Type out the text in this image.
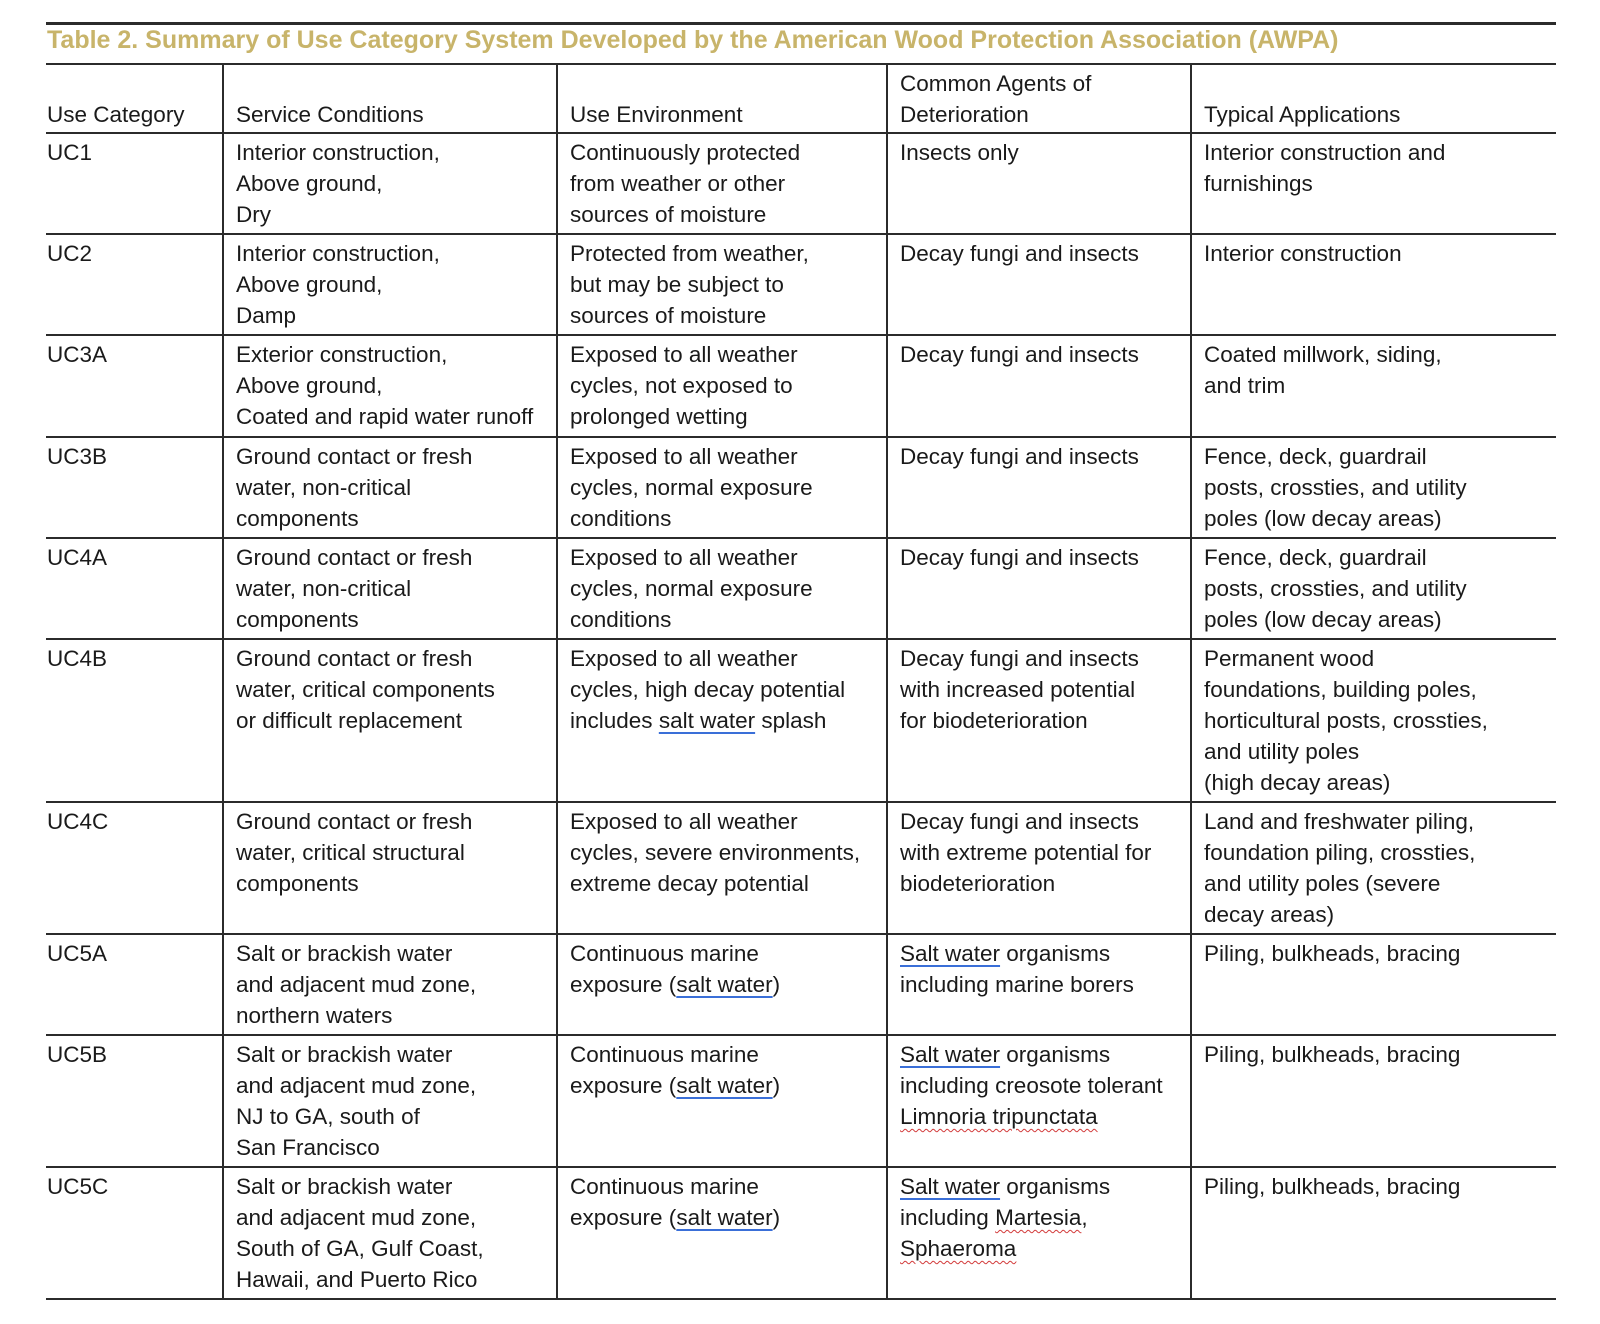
Table 2. Summary of Use Category System Developed by the American Wood Protection Association (AWPA)
Use Category	Service Conditions	Use Environment	Common Agents of
Deterioration	Typical Applications
UC1	Interior construction,
Above ground,
Dry	Continuously protected
from weather or other
sources of moisture	Insects only	Interior construction and
furnishings
UC2	Interior construction,
Above ground,
Damp	Protected from weather,
but may be subject to
sources of moisture	Decay fungi and insects	Interior construction
UC3A	Exterior construction,
Above ground,
Coated and rapid water runoff	Exposed to all weather
cycles, not exposed to
prolonged wetting	Decay fungi and insects	Coated millwork, siding,
and trim
UC3B	Ground contact or fresh
water, non-critical
components	Exposed to all weather
cycles, normal exposure
conditions	Decay fungi and insects	Fence, deck, guardrail
posts, crossties, and utility
poles (low decay areas)
UC4A	Ground contact or fresh
water, non-critical
components	Exposed to all weather
cycles, normal exposure
conditions	Decay fungi and insects	Fence, deck, guardrail
posts, crossties, and utility
poles (low decay areas)
UC4B	Ground contact or fresh
water, critical components
or difficult replacement	Exposed to all weather
cycles, high decay potential
includes salt water splash	Decay fungi and insects
with increased potential
for biodeterioration	Permanent wood
foundations, building poles,
horticultural posts, crossties,
and utility poles
(high decay areas)
UC4C	Ground contact or fresh
water, critical structural
components	Exposed to all weather
cycles, severe environments,
extreme decay potential	Decay fungi and insects
with extreme potential for
biodeterioration	Land and freshwater piling,
foundation piling, crossties,
and utility poles (severe
decay areas)
UC5A	Salt or brackish water
and adjacent mud zone,
northern waters	Continuous marine
exposure (salt water)	Salt water organisms
including marine borers	Piling, bulkheads, bracing
UC5B	Salt or brackish water
and adjacent mud zone,
NJ to GA, south of
San Francisco	Continuous marine
exposure (salt water)	Salt water organisms
including creosote tolerant
Limnoria tripunctata	Piling, bulkheads, bracing
UC5C	Salt or brackish water
and adjacent mud zone,
South of GA, Gulf Coast,
Hawaii, and Puerto Rico	Continuous marine
exposure (salt water)	Salt water organisms
including Martesia,
Sphaeroma	Piling, bulkheads, bracing
